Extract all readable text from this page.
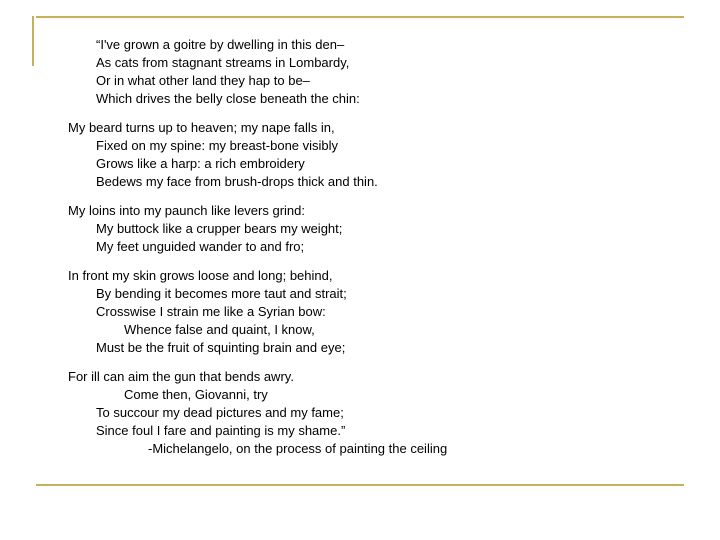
“I've grown a goitre by dwelling in this den–
As cats from stagnant streams in Lombardy,
Or in what other land they hap to be–
Which drives the belly close beneath the chin:
My beard turns up to heaven; my nape falls in,
Fixed on my spine: my breast-bone visibly
Grows like a harp: a rich embroidery
Bedews my face from brush-drops thick and thin.
My loins into my paunch like levers grind:
My buttock like a crupper bears my weight;
My feet unguided wander to and fro;
In front my skin grows loose and long; behind,
By bending it becomes more taut and strait;
Crosswise I strain me like a Syrian bow:
Whence false and quaint, I know,
Must be the fruit of squinting brain and eye;
For ill can aim the gun that bends awry.
Come then, Giovanni, try
To succour my dead pictures and my fame;
Since foul I fare and painting is my shame.”
-Michelangelo, on the process of painting the ceiling
